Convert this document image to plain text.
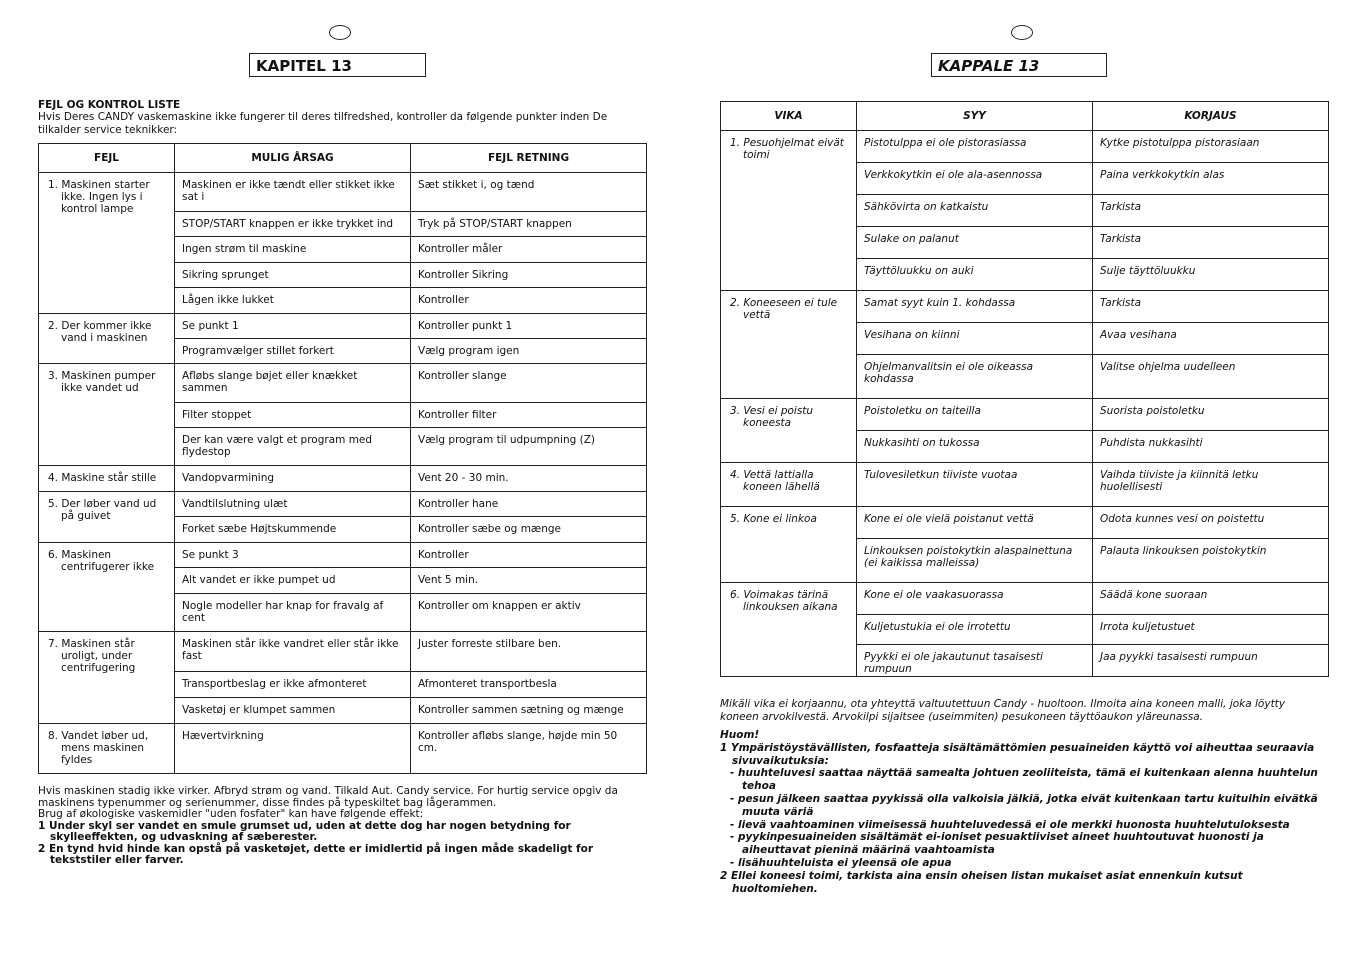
KAPITEL 13
FEJL OG KONTROL LISTE
Hvis Deres CANDY vaskemaskine ikke fungerer til deres tilfredshed, kontroller da følgende punkter inden De tilkalder service teknikker:
FEJL	MULIG ÅRSAG	FEJL RETNING
1. Maskinen starter ikke. Ingen lys i kontrol lampe	Maskinen er ikke tændt eller stikket ikke sat i	Sæt stikket i, og tænd
	STOP/START knappen er ikke trykket ind	Tryk på STOP/START knappen
	Ingen strøm til maskine	Kontroller måler
	Sikring sprunget	Kontroller Sikring
	Lågen ikke lukket	Kontroller
2. Der kommer ikke vand i maskinen	Se punkt 1	Kontroller punkt 1
	Programvælger stillet forkert	Vælg program igen
3. Maskinen pumper ikke vandet ud	Afløbs slange bøjet eller knækket sammen	Kontroller slange
	Filter stoppet	Kontroller filter
	Der kan være valgt et program med flydestop	Vælg program til udpumpning (Z)
4. Maskine står stille	Vandopvarmining	Vent 20 - 30 min.
5. Der løber vand ud på guivet	Vandtilslutning ulæt	Kontroller hane
	Forket sæbe Højtskummende	Kontroller sæbe og mænge
6. Maskinen centrifugerer ikke	Se punkt 3	Kontroller
	Alt vandet er ikke pumpet ud	Vent 5 min.
	Nogle modeller har knap for fravalg af cent	Kontroller om knappen er aktiv
7. Maskinen står uroligt, under centrifugering	Maskinen står ikke vandret eller står ikke fast	Juster forreste stilbare ben.
	Transportbeslag er ikke afmonteret	Afmonteret transportbesla
	Vasketøj er klumpet sammen	Kontroller sammen sætning og mænge
8. Vandet løber ud, mens maskinen fyldes	Hævertvirkning	Kontroller afløbs slange, højde min 50 cm.
Hvis maskinen stadig ikke virker. Afbryd strøm og vand. Tilkald Aut. Candy service. For hurtig service opgiv da maskinens typenummer og serienummer, disse findes på typeskiltet bag lågerammen.
Brug af økologiske vaskemidler "uden fosfater" kan have følgende effekt:
1 Under skyl ser vandet en smule grumset ud, uden at dette dog har nogen betydning for skylleeffekten, og udvaskning af sæberester.
2 En tynd hvid hinde kan opstå på vasketøjet, dette er imidlertid på ingen måde skadeligt for tekststiler eller farver.
KAPPALE 13
VIKA	SYY	KORJAUS
1. Pesuohjelmat eivät toimi	Pistotulppa ei ole pistorasiassa	Kytke pistotulppa pistorasiaan
	Verkkokytkin ei ole ala-asennossa	Paina verkkokytkin alas
	Sähkövirta on katkaistu	Tarkista
	Sulake on palanut	Tarkista
	Täyttöluukku on auki	Sulje täyttöluukku
2. Koneeseen ei tule vettä	Samat syyt kuin 1. kohdassa	Tarkista
	Vesihana on kiinni	Avaa vesihana
	Ohjelmanvalitsin ei ole oikeassa kohdassa	Valitse ohjelma uudelleen
3. Vesi ei poistu koneesta	Poistoletku on taiteilla	Suorista poistoletku
	Nukkasihti on tukossa	Puhdista nukkasihti
4. Vettä lattialla koneen lähellä	Tulovesiletkun tiiviste vuotaa	Vaihda tiiviste ja kiinnitä letku huolellisesti
5. Kone ei linkoa	Kone ei ole vielä poistanut vettä	Odota kunnes vesi on poistettu
	Linkouksen poistokytkin alaspainettuna (ei kaikissa malleissa)	Palauta linkouksen poistokytkin
6. Voimakas tärinä linkouksen aikana	Kone ei ole vaakasuorassa	Säädä kone suoraan
	Kuljetustukia ei ole irrotettu	Irrota kuljetustuet
	Pyykki ei ole jakautunut tasaisesti rumpuun	Jaa pyykki tasaisesti rumpuun
Mikäli vika ei korjaannu, ota yhteyttä valtuutettuun Candy - huoltoon. Ilmoita aina koneen malli, joka löytty koneen arvokilvestä. Arvokilpi sijaitsee (useimmiten) pesukoneen täyttöaukon yläreunassa.
Huom!
1 Ympäristöystävällisten, fosfaatteja sisältämättömien pesuaineiden käyttö voi aiheuttaa seuraavia sivuvaikutuksia:
- huuhteluvesi saattaa näyttää samealta johtuen zeoliiteista, tämä ei kuitenkaan alenna huuhtelun tehoa
- pesun jälkeen saattaa pyykissä olla valkoisia jälkiä, jotka eivät kuitenkaan tartu kuituihin eivätkä muuta väriä
- lievä vaahtoaminen viimeisessä huuhteluvedessä ei ole merkki huonosta huuhtelutuloksesta
- pyykinpesuaineiden sisältämät ei-ioniset pesuaktiiviset aineet huuhtoutuvat huonosti ja aiheuttavat pieninä määrinä vaahtoamista
- lisähuuhteluista ei yleensä ole apua
2 Ellei koneesi toimi, tarkista aina ensin oheisen listan mukaiset asiat ennenkuin kutsut huoltomiehen.
